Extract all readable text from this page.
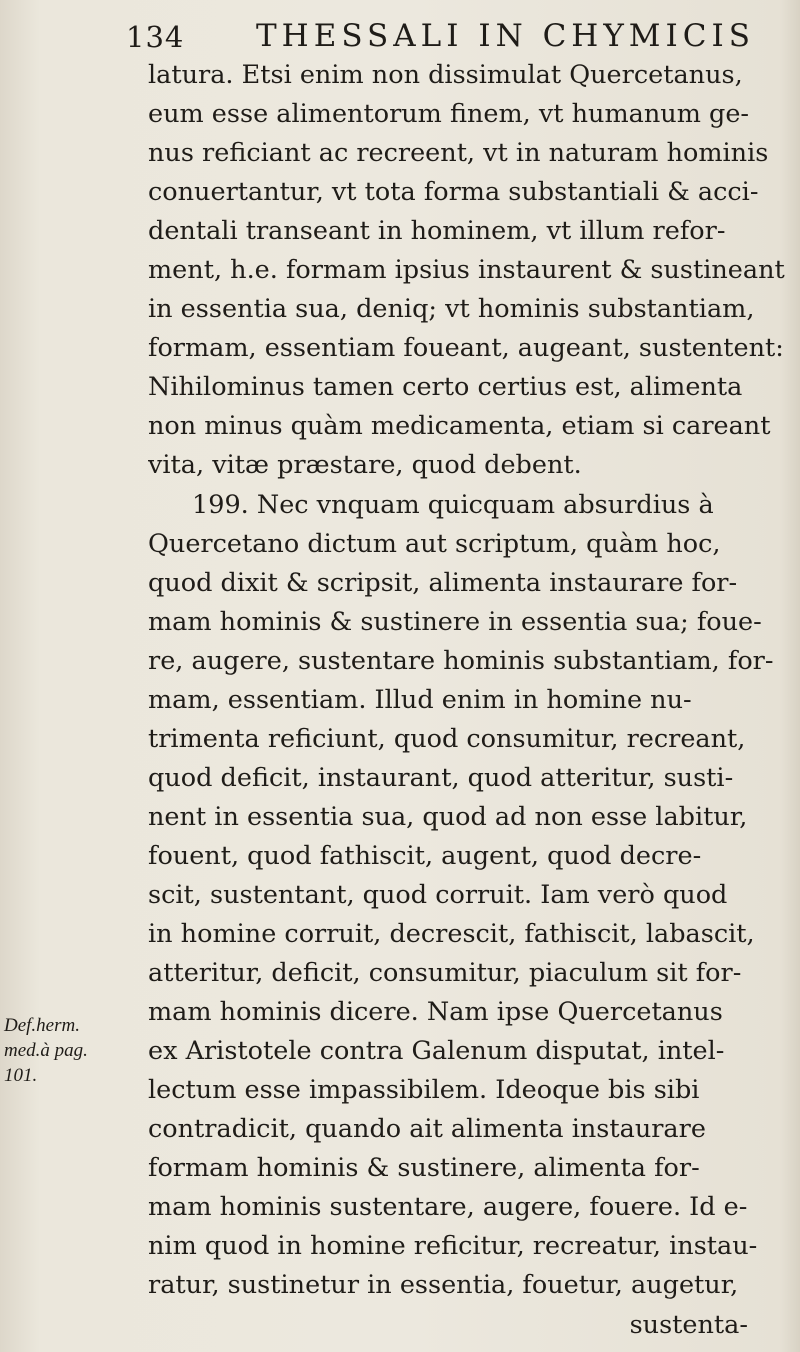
134 THESSALI IN CHYMICIS
latura. Etsi enim non dissimulat Quercetanus,
eum esse alimentorum finem, vt humanum ge-
nus reficiant ac recreent, vt in naturam hominis
conuertantur, vt tota forma substantiali & acci-
dentali transeant in hominem, vt illum refor-
ment, h.e. formam ipsius instaurent & sustineant
in essentia sua, deniq; vt hominis substantiam,
formam, essentiam foueant, augeant, sustentent:
Nihilominus tamen certo certius est, alimenta
non minus quàm medicamenta, etiam si careant
vita, vitæ præstare, quod debent.
199. Nec vnquam quicquam absurdius à
Quercetano dictum aut scriptum, quàm hoc,
quod dixit & scripsit, alimenta instaurare for-
mam hominis & sustinere in essentia sua; foue-
re, augere, sustentare hominis substantiam, for-
mam, essentiam. Illud enim in homine nu-
trimenta reficiunt, quod consumitur, recreant,
quod deficit, instaurant, quod atteritur, susti-
nent in essentia sua, quod ad non esse labitur,
fouent, quod fathiscit, augent, quod decre-
scit, sustentant, quod corruit. Iam verò quod
in homine corruit, decrescit, fathiscit, labascit,
atteritur, deficit, consumitur, piaculum sit for-
mam hominis dicere. Nam ipse Quercetanus
ex Aristotele contra Galenum disputat, intel-
lectum esse impassibilem. Ideoque bis sibi
contradicit, quando ait alimenta instaurare
formam hominis & sustinere, alimenta for-
mam hominis sustentare, augere, fouere. Id e-
nim quod in homine reficitur, recreatur, instau-
ratur, sustinetur in essentia, fouetur, augetur,
sustenta-
Def.herm.
med.à pag.
101.
